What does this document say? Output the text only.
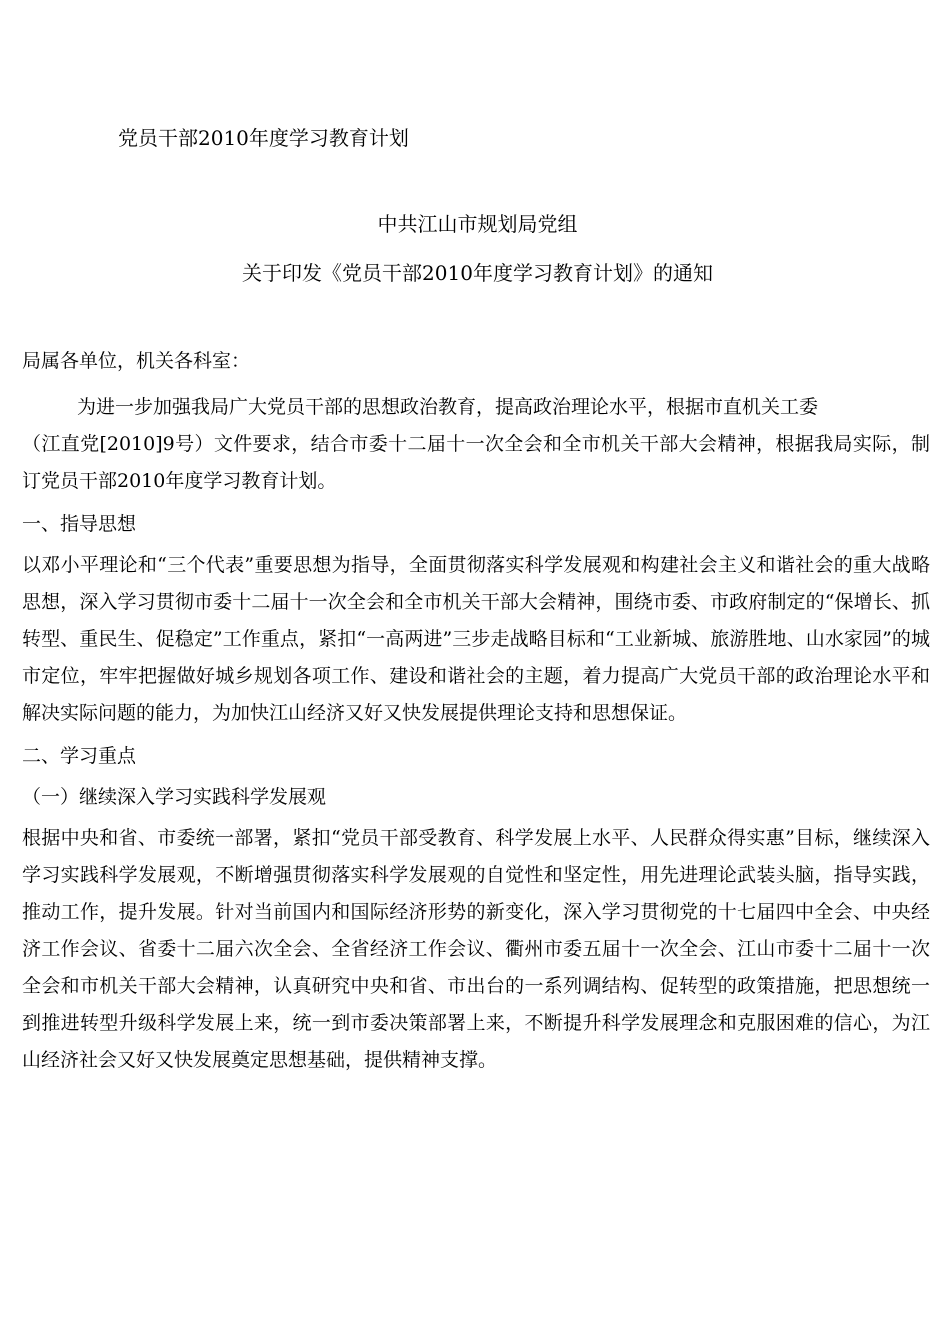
党员干部2010年度学习教育计划
中共江山市规划局党组
关于印发《党员干部2010年度学习教育计划》的通知

局属各单位，机关各科室：

为进一步加强我局广大党员干部的思想政治教育，提高政治理论水平，根据市直机关工委

（江直党[2010]9号）文件要求，结合市委十二届十一次全会和全市机关干部大会精神，根据我局实际，制订党员干部2010年度学习教育计划。

一、指导思想

以邓小平理论和“三个代表”重要思想为指导，全面贯彻落实科学发展观和构建社会主义和谐社会的重大战略思想，深入学习贯彻市委十二届十一次全会和全市机关干部大会精神，围绕市委、市政府制定的“保增长、抓转型、重民生、促稳定”工作重点，紧扣“一高两进”三步走战略目标和“工业新城、旅游胜地、山水家园”的城市定位，牢牢把握做好城乡规划各项工作、建设和谐社会的主题，着力提高广大党员干部的政治理论水平和解决实际问题的能力，为加快江山经济又好又快发展提供理论支持和思想保证。

二、学习重点
（一）继续深入学习实践科学发展观

根据中央和省、市委统一部署，紧扣“党员干部受教育、科学发展上水平、人民群众得实惠”目标，继续深入学习实践科学发展观，不断增强贯彻落实科学发展观的自觉性和坚定性，用先进理论武装头脑，指导实践，推动工作，提升发展。针对当前国内和国际经济形势的新变化，深入学习贯彻党的十七届四中全会、中央经济工作会议、省委十二届六次全会、全省经济工作会议、衢州市委五届十一次全会、江山市委十二届十一次全会和市机关干部大会精神，认真研究中央和省、市出台的一系列调结构、促转型的政策措施，把思想统一到推进转型升级科学发展上来，统一到市委决策部署上来，不断提升科学发展理念和克服困难的信心，为江山经济社会又好又快发展奠定思想基础，提供精神支撑。
